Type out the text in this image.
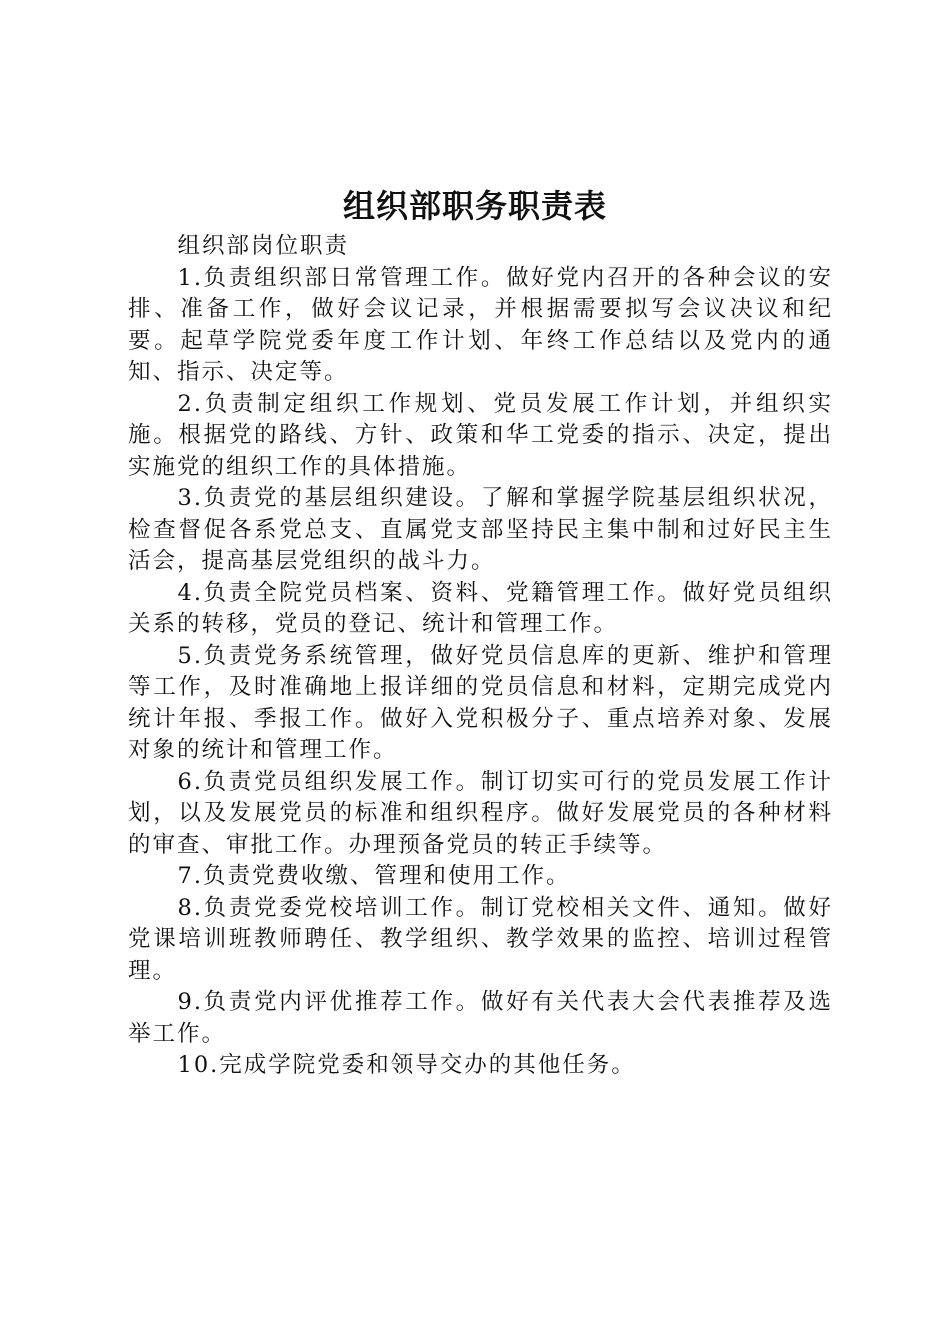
组织部职务职责表

组织部岗位职责

1.负责组织部日常管理工作。做好党内召开的各种会议的安排、准备工作，做好会议记录，并根据需要拟写会议决议和纪要。起草学院党委年度工作计划、年终工作总结以及党内的通知、指示、决定等。

2.负责制定组织工作规划、党员发展工作计划，并组织实施。根据党的路线、方针、政策和华工党委的指示、决定，提出实施党的组织工作的具体措施。

3.负责党的基层组织建设。了解和掌握学院基层组织状况，检查督促各系党总支、直属党支部坚持民主集中制和过好民主生活会，提高基层党组织的战斗力。

4.负责全院党员档案、资料、党籍管理工作。做好党员组织关系的转移，党员的登记、统计和管理工作。

5.负责党务系统管理，做好党员信息库的更新、维护和管理等工作，及时准确地上报详细的党员信息和材料，定期完成党内统计年报、季报工作。做好入党积极分子、重点培养对象、发展对象的统计和管理工作。

6.负责党员组织发展工作。制订切实可行的党员发展工作计划，以及发展党员的标准和组织程序。做好发展党员的各种材料的审查、审批工作。办理预备党员的转正手续等。

7.负责党费收缴、管理和使用工作。

8.负责党委党校培训工作。制订党校相关文件、通知。做好党课培训班教师聘任、教学组织、教学效果的监控、培训过程管理。

9.负责党内评优推荐工作。做好有关代表大会代表推荐及选举工作。

10.完成学院党委和领导交办的其他任务。
